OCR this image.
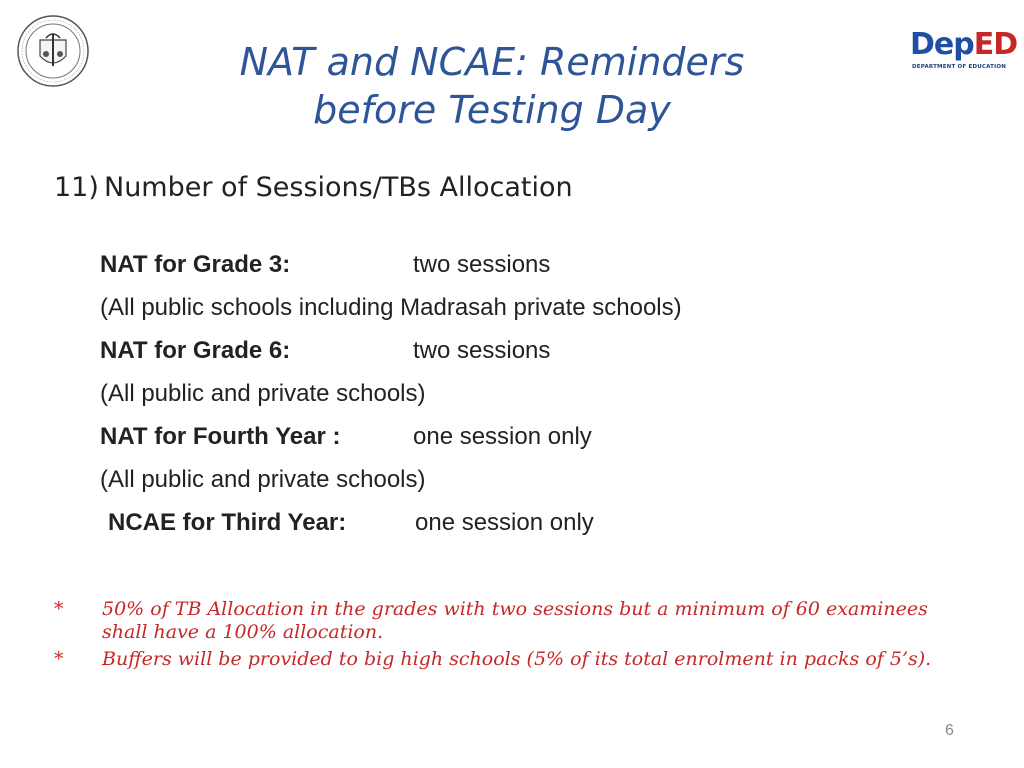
DepED
DEPARTMENT OF EDUCATION
NAT and NCAE: Reminders
before Testing Day
11) Number of Sessions/TBs Allocation
NAT for Grade 3:	two sessions
(All public schools including Madrasah private schools)
NAT for Grade 6:	two sessions
(All public and private schools)
NAT for Fourth Year :	one session only
(All public and private schools)
NCAE for Third Year:	one session only
* 50% of TB Allocation in the grades with two sessions but a minimum of 60 examinees shall have a 100% allocation.
* Buffers will be provided to big high schools (5% of its total enrolment in packs of 5’s).
6
